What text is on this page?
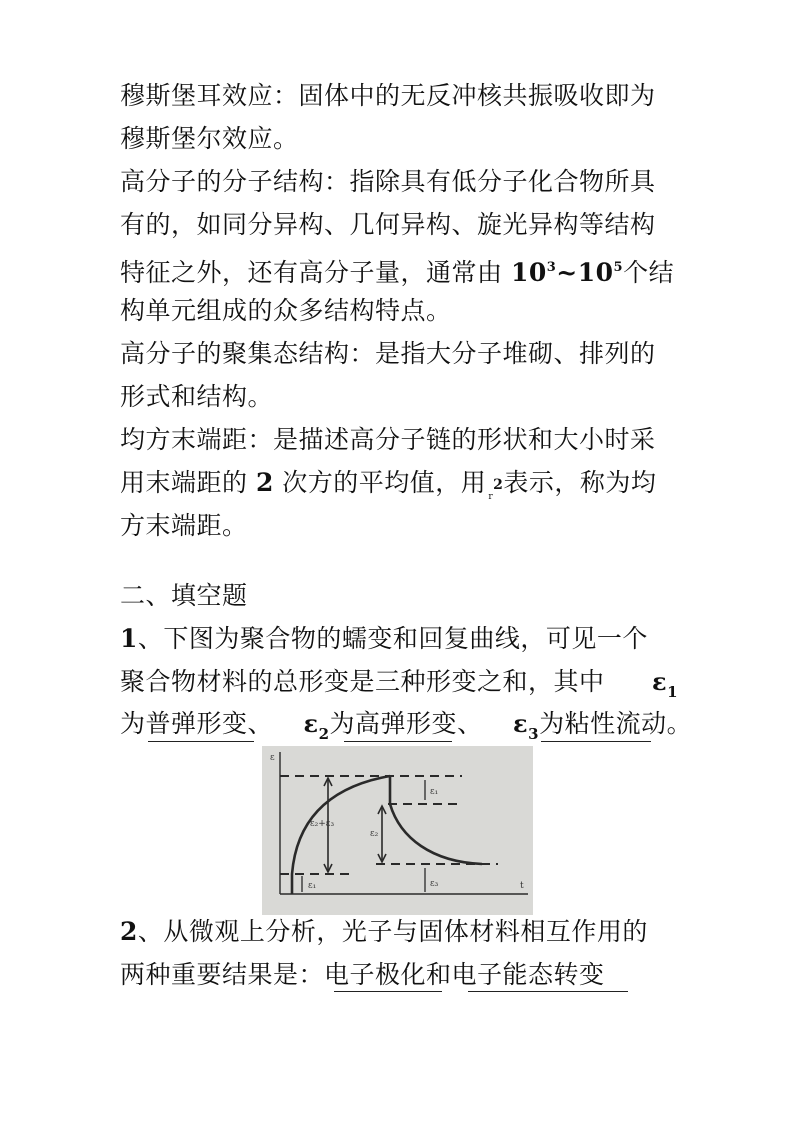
穆斯堡耳效应：固体中的无反冲核共振吸收即为
穆斯堡尔效应。
高分子的分子结构：指除具有低分子化合物所具
有的，如同分异构、几何异构、旋光异构等结构
特征之外，还有高分子量，通常由 $10^3\sim 10^5$个结
构单元组成的众多结构特点。
高分子的聚集态结构：是指大分子堆砌、排列的
形式和结构。
均方末端距：是描述高分子链的形状和大小时采
用末端距的 2 次方的平均值，用 $_r$2表示，称为均
方末端距。
二、填空题
1、下图为聚合物的蠕变和回复曲线，可见一个
聚合物材料的总形变是三种形变之和，其中 $\varepsilon_1$
为普弹形变、 $\varepsilon_2$为高弹形变、 $\varepsilon_3$为粘性流动。
ε
t
ε₁
ε₂+ε₃
ε₂
ε₁	ε₃
2、从微观上分析，光子与固体材料相互作用的
两种重要结果是：电子极化和电子能态转变
